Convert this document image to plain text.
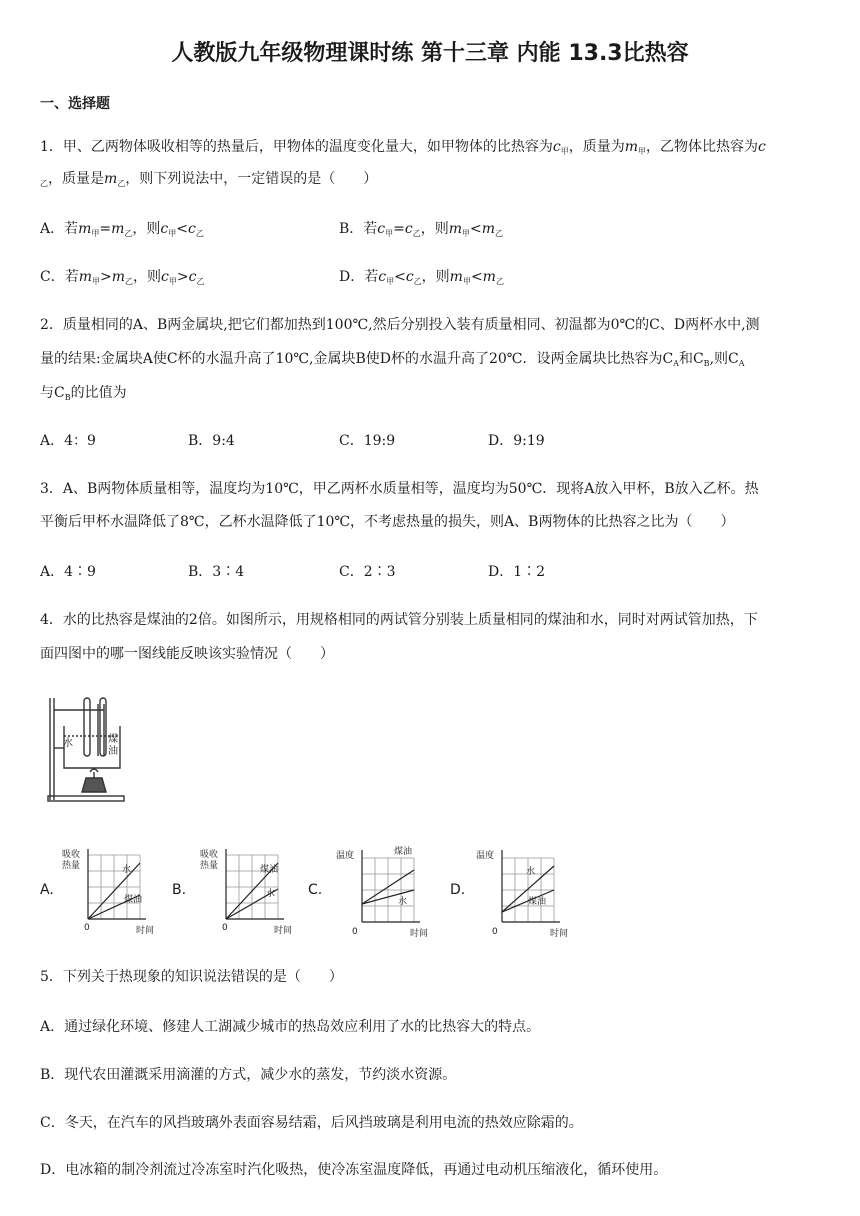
人教版九年级物理课时练 第十三章 内能 13.3比热容
一、选择题
1．甲、乙两物体吸收相等的热量后，甲物体的温度变化量大，如甲物体的比热容为$c_甲$，质量为$m_甲$，乙物体比热容为c
$_乙$，质量是$m_乙$，则下列说法中，一定错误的是（　　）
A．若$m_甲=m_乙$，则$c_甲<c_乙$	B．若$c_甲=c_乙$，则$m_甲<m_乙$
C．若$m_甲>m_乙$，则$c_甲>c_乙$	D．若$c_甲<c_乙$，则$m_甲<m_乙$
2．质量相同的A、B两金属块,把它们都加热到100℃,然后分别投入装有质量相同、初温都为0℃的C、D两杯水中,测
量的结果:金属块A使C杯的水温升高了10℃,金属块B使D杯的水温升高了20℃．设两金属块比热容为$C_A$和$C_B$,则$C_A$
与$C_B$的比值为
A．4：9	B．9:4	C．19:9	D．9:19
3．A、B两物体质量相等，温度均为10℃，甲乙两杯水质量相等，温度均为50℃．现将A放入甲杯，B放入乙杯。热
平衡后甲杯水温降低了8℃，乙杯水温降低了10℃，不考虑热量的损失，则A、B两物体的比热容之比为（　　）
A．4∶9	B．3∶4	C．2∶3	D．1∶2
4．水的比热容是煤油的2倍。如图所示，用规格相同的两试管分别装上质量相同的煤油和水，同时对两试管加热，下
面四图中的哪一图线能反映该实验情况（　　）
水	煤
油
A.	B.	C.	D.
吸收
热量	水
煤油
0	时间
吸收
热量	煤油
水
0	时间
温度	煤油
水
0	时间
温度
水
煤油
0	时间
5．下列关于热现象的知识说法错误的是（　　）
A．通过绿化环境、修建人工湖减少城市的热岛效应利用了水的比热容大的特点。
B．现代农田灌溉采用滴灌的方式，减少水的蒸发，节约淡水资源。
C．冬天，在汽车的风挡玻璃外表面容易结霜，后风挡玻璃是利用电流的热效应除霜的。
D．电冰箱的制冷剂流过冷冻室时汽化吸热，使冷冻室温度降低，再通过电动机压缩液化，循环使用。
